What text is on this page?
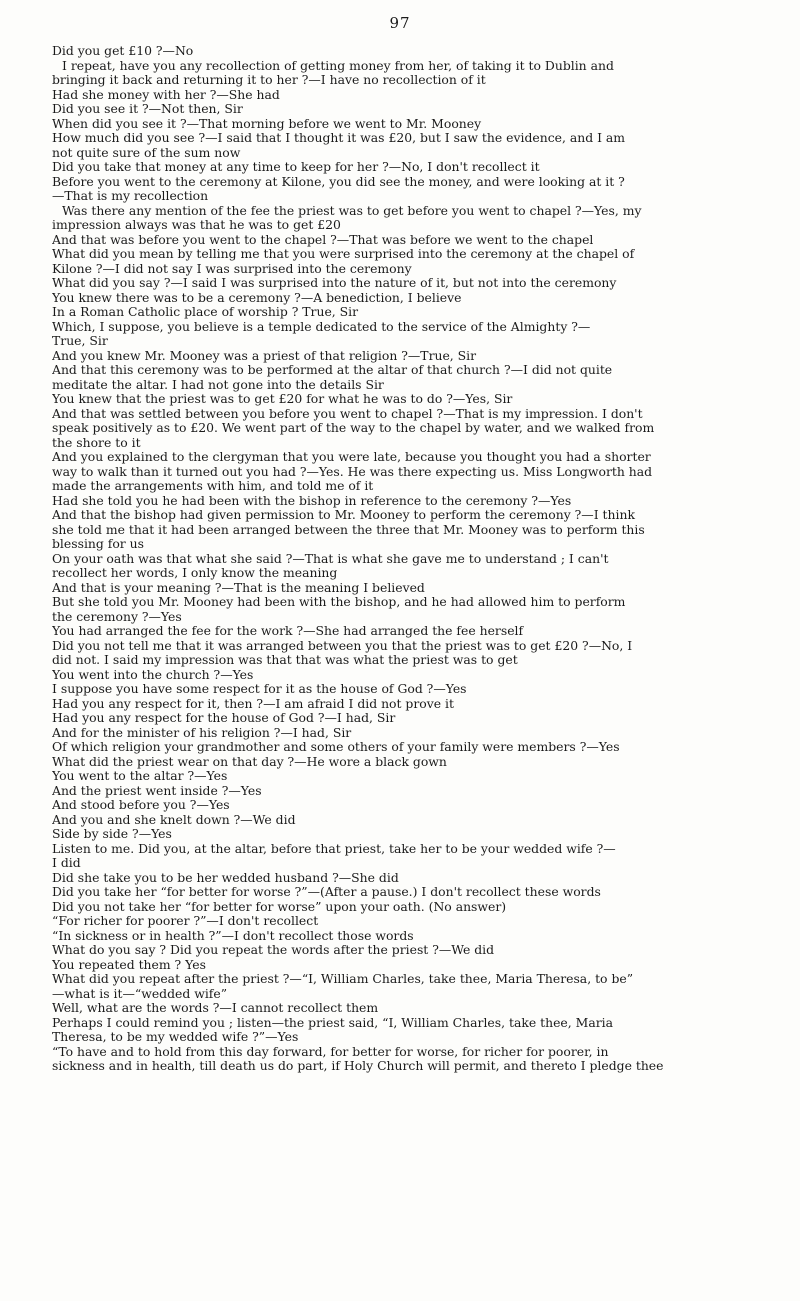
97
Did you get £10 ?—No
I repeat, have you any recollection of getting money from her, of taking it to Dublin and
bringing it back and returning it to her ?—I have no recollection of it
Had she money with her ?—She had
Did you see it ?—Not then, Sir
When did you see it ?—That morning before we went to Mr. Mooney
How much did you see ?—I said that I thought it was £20, but I saw the evidence, and I am
not quite sure of the sum now
Did you take that money at any time to keep for her ?—No, I don't recollect it
Before you went to the ceremony at Kilone, you did see the money, and were looking at it ?
—That is my recollection
Was there any mention of the fee the priest was to get before you went to chapel ?—Yes, my
impression always was that he was to get £20
And that was before you went to the chapel ?—That was before we went to the chapel
What did you mean by telling me that you were surprised into the ceremony at the chapel of
Kilone ?—I did not say I was surprised into the ceremony
What did you say ?—I said I was surprised into the nature of it, but not into the ceremony
You knew there was to be a ceremony ?—A benediction, I believe
In a Roman Catholic place of worship ? True, Sir
Which, I suppose, you believe is a temple dedicated to the service of the Almighty ?—
True, Sir
And you knew Mr. Mooney was a priest of that religion ?—True, Sir
And that this ceremony was to be performed at the altar of that church ?—I did not quite
meditate the altar. I had not gone into the details Sir
You knew that the priest was to get £20 for what he was to do ?—Yes, Sir
And that was settled between you before you went to chapel ?—That is my impression. I don't
speak positively as to £20. We went part of the way to the chapel by water, and we walked from
the shore to it
And you explained to the clergyman that you were late, because you thought you had a shorter
way to walk than it turned out you had ?—Yes. He was there expecting us. Miss Longworth had
made the arrangements with him, and told me of it
Had she told you he had been with the bishop in reference to the ceremony ?—Yes
And that the bishop had given permission to Mr. Mooney to perform the ceremony ?—I think
she told me that it had been arranged between the three that Mr. Mooney was to perform this
blessing for us
On your oath was that what she said ?—That is what she gave me to understand ; I can't
recollect her words, I only know the meaning
And that is your meaning ?—That is the meaning I believed
But she told you Mr. Mooney had been with the bishop, and he had allowed him to perform
the ceremony ?—Yes
You had arranged the fee for the work ?—She had arranged the fee herself
Did you not tell me that it was arranged between you that the priest was to get £20 ?—No, I
did not. I said my impression was that that was what the priest was to get
You went into the church ?—Yes
I suppose you have some respect for it as the house of God ?—Yes
Had you any respect for it, then ?—I am afraid I did not prove it
Had you any respect for the house of God ?—I had, Sir
And for the minister of his religion ?—I had, Sir
Of which religion your grandmother and some others of your family were members ?—Yes
What did the priest wear on that day ?—He wore a black gown
You went to the altar ?—Yes
And the priest went inside ?—Yes
And stood before you ?—Yes
And you and she knelt down ?—We did
Side by side ?—Yes
Listen to me. Did you, at the altar, before that priest, take her to be your wedded wife ?—
I did
Did she take you to be her wedded husband ?—She did
Did you take her “for better for worse ?”—(After a pause.) I don't recollect these words
Did you not take her “for better for worse” upon your oath. (No answer)
“For richer for poorer ?”—I don't recollect
“In sickness or in health ?”—I don't recollect those words
What do you say ? Did you repeat the words after the priest ?—We did
You repeated them ? Yes
What did you repeat after the priest ?—“I, William Charles, take thee, Maria Theresa, to be”
—what is it—“wedded wife”
Well, what are the words ?—I cannot recollect them
Perhaps I could remind you ; listen—the priest said, “I, William Charles, take thee, Maria
Theresa, to be my wedded wife ?”—Yes
“To have and to hold from this day forward, for better for worse, for richer for poorer, in
sickness and in health, till death us do part, if Holy Church will permit, and thereto I pledge thee
